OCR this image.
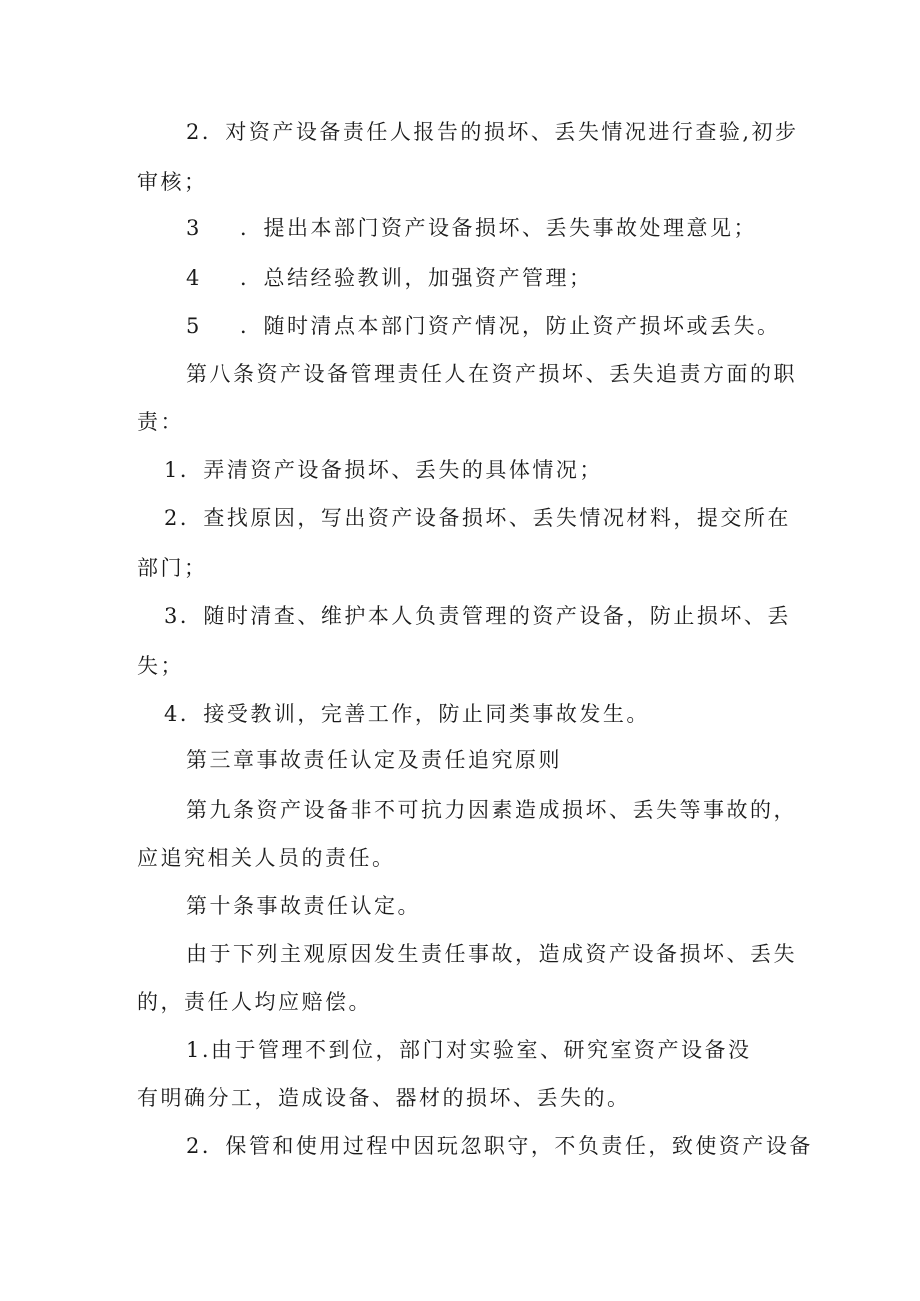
2．对资产设备责任人报告的损坏、丢失情况进行查验,初步
审核；
3 ．提出本部门资产设备损坏、丢失事故处理意见；
4 ．总结经验教训，加强资产管理；
5 ．随时清点本部门资产情况，防止资产损坏或丢失。
第八条资产设备管理责任人在资产损坏、丢失追责方面的职
责：
1．弄清资产设备损坏、丢失的具体情况；
2．查找原因，写出资产设备损坏、丢失情况材料，提交所在
部门；
3．随时清查、维护本人负责管理的资产设备，防止损坏、丢
失；
4．接受教训，完善工作，防止同类事故发生。
第三章事故责任认定及责任追究原则
第九条资产设备非不可抗力因素造成损坏、丢失等事故的，
应追究相关人员的责任。
第十条事故责任认定。
由于下列主观原因发生责任事故，造成资产设备损坏、丢失
的，责任人均应赔偿。
1.由于管理不到位，部门对实验室、研究室资产设备没
有明确分工，造成设备、器材的损坏、丢失的。
2．保管和使用过程中因玩忽职守，不负责任，致使资产设备
